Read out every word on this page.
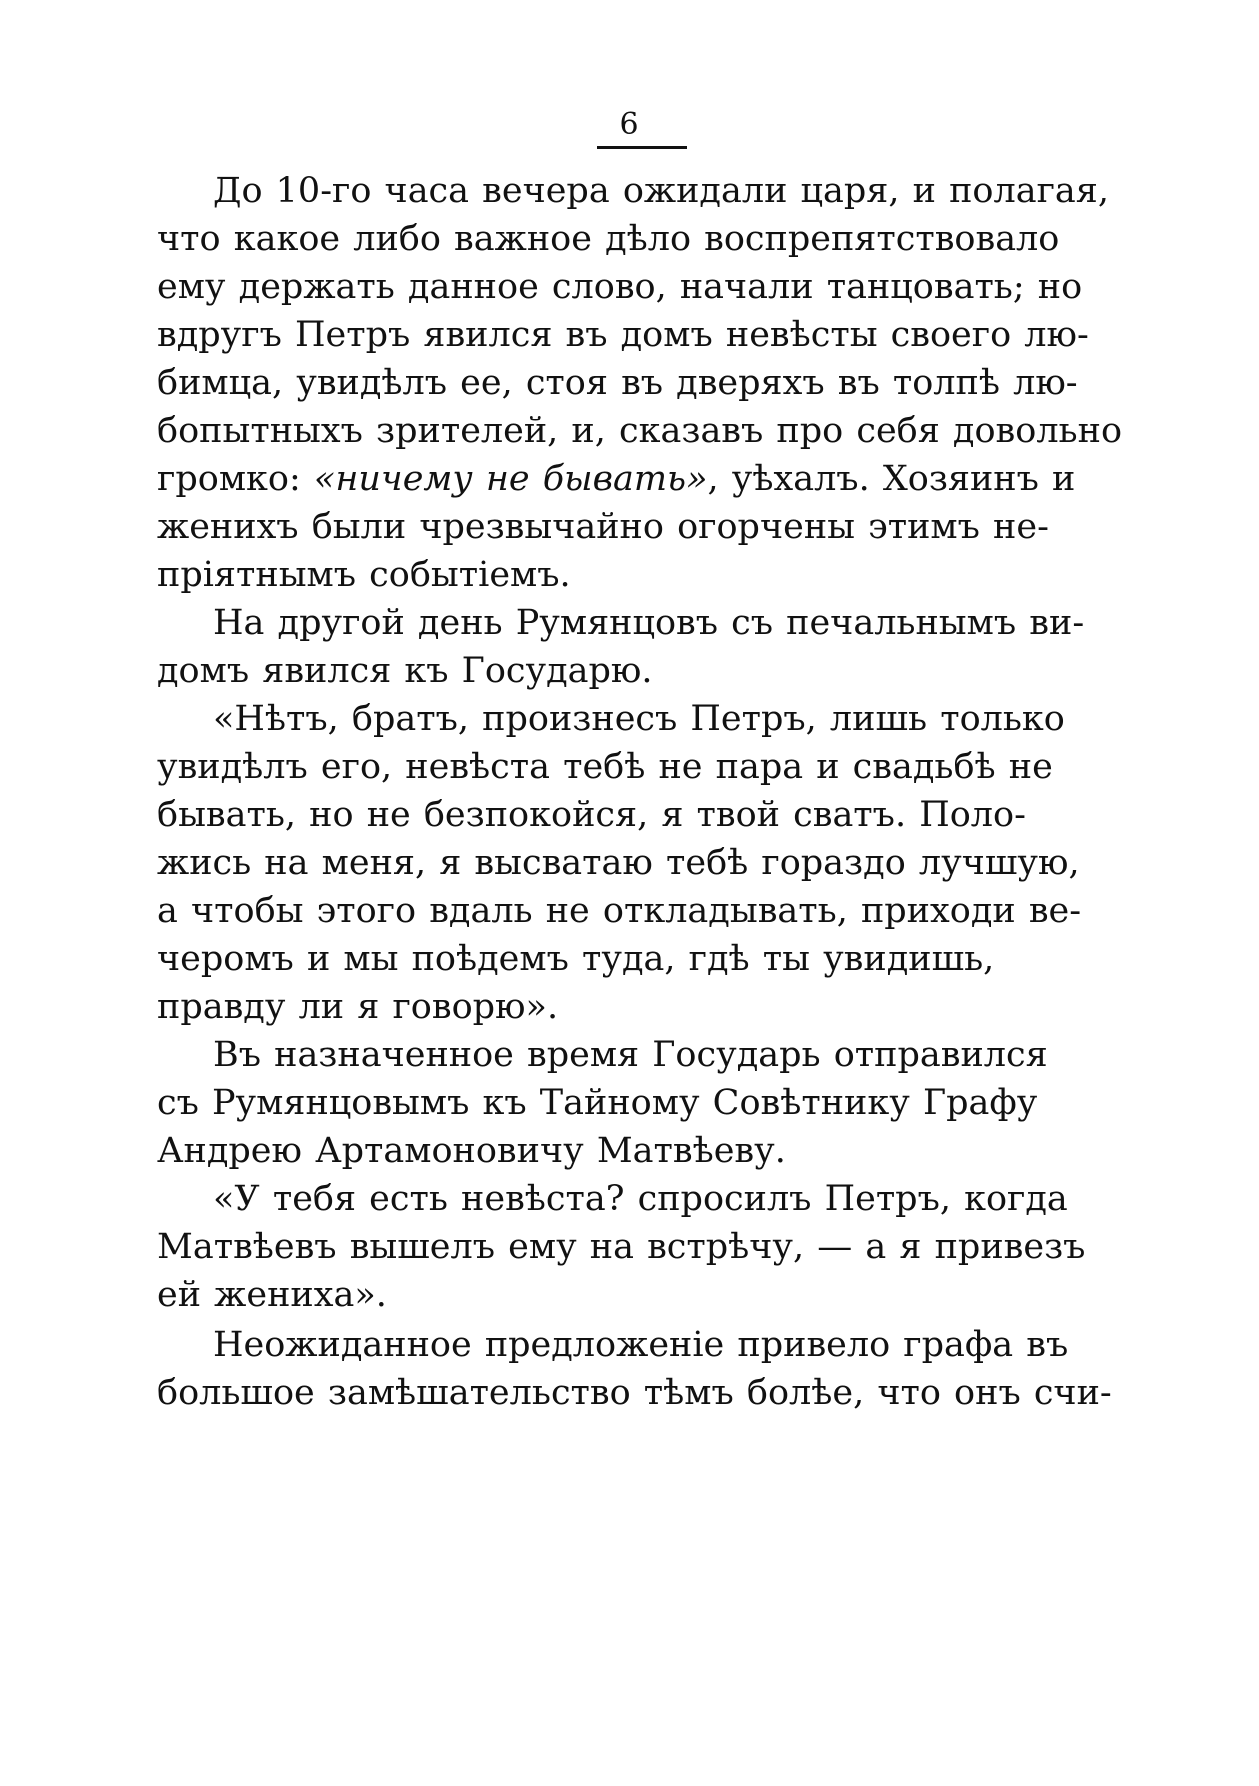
6
До 10-го часа вечера ожидали царя, и полагая,
что какое либо важное дѣло воспрепятствовало
ему держать данное слово, начали танцовать; но
вдругъ Петръ явился въ домъ невѣсты своего лю-
бимца, увидѣлъ ее, стоя въ дверяхъ въ толпѣ лю-
бопытныхъ зрителей, и, сказавъ про себя довольно
громко: «ничему не бывать», уѣхалъ. Хозяинъ и
женихъ были чрезвычайно огорчены этимъ не-
пріятнымъ событіемъ.
На другой день Румянцовъ съ печальнымъ ви-
домъ явился къ Государю.
«Нѣтъ, братъ, произнесъ Петръ, лишь только
увидѣлъ его, невѣста тебѣ не пара и свадьбѣ не
бывать, но не безпокойся, я твой сватъ. Поло-
жись на меня, я высватаю тебѣ гораздо лучшую,
а чтобы этого вдаль не откладывать, приходи ве-
черомъ и мы поѣдемъ туда, гдѣ ты увидишь,
правду ли я говорю».
Въ назначенное время Государь отправился
съ Румянцовымъ къ Тайному Совѣтнику Графу
Андрею Артамоновичу Матвѣеву.
«У тебя есть невѣста? спросилъ Петръ, когда
Матвѣевъ вышелъ ему на встрѣчу, — а я привезъ
ей жениха».
Неожиданное предложеніе привело графа въ
большое замѣшательство тѣмъ болѣе, что онъ счи-
